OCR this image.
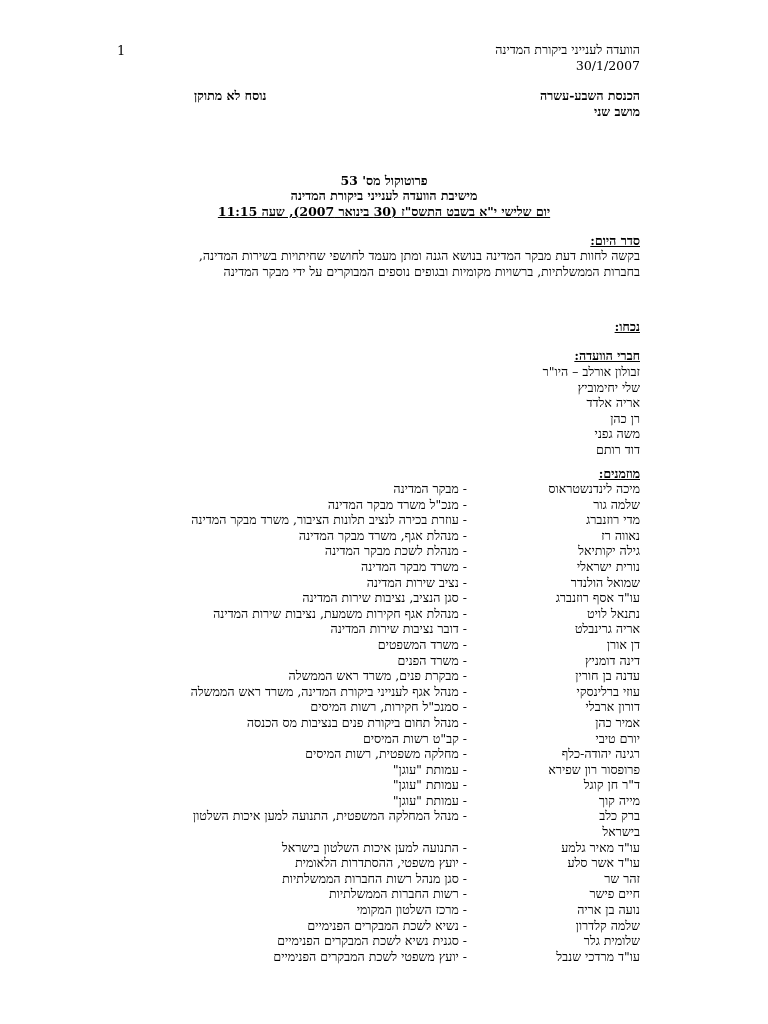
1	הוועדה לענייני ביקורת המדינה
30/1/2007
הכנסת השבע-עשרה
מושב שני
נוסח לא מתוקן
פרוטוקול מס' 53
מישיבת הוועדה לענייני ביקורת המדינה
יום שלישי י"א בשבט התשס"ז (30 בינואר 2007), שעה 11:15
סדר היום:
בקשה לחוות דעת מבקר המדינה בנושא הגנה ומתן מעמד לחושפי שחיתויות בשירות המדינה,
בחברות הממשלתיות, ברשויות מקומיות ובגופים נוספים המבוקרים על ידי מבקר המדינה
נכחו:
חברי הוועדה:
זבולון אורלב – היו"ר
שלי יחימוביץ
אריה אלדד
רן כהן
משה גפני
דוד רותם
מוזמנים:
מיכה לינדנשטראוס
- מבקר המדינה
שלמה גור
- מנכ"ל משרד מבקר המדינה
מדי רוזנברג
- עוזרת בכירה לנציב תלונות הציבור, משרד מבקר המדינה
נאווה רז
- מנהלת אגף, משרד מבקר המדינה
גילה יקותיאל
- מנהלת לשכת מבקר המדינה
נורית ישראלי
- משרד מבקר המדינה
שמואל הולנדר
- נציב שירות המדינה
עו"ד אסף רוזנברג
- סגן הנציב, נציבות שירות המדינה
נתנאל לויט
- מנהלת אגף חקירות משמעת, נציבות שירות המדינה
אריה גרינבלט
- דובר נציבות שירות המדינה
דן אורן
- משרד המשפטים
דינה דומניץ
- משרד הפנים
עדנה בן חורין
- מבקרת פנים, משרד ראש הממשלה
עוזי ברלינסקי
- מנהל אגף לענייני ביקורת המדינה, משרד ראש הממשלה
דורון ארבלי
- סמנכ"ל חקירות, רשות המיסים
אמיר כהן
- מנהל תחום ביקורת פנים בנציבות מס הכנסה
יורם טיבי
- קב"ט רשות המיסים
רגינה יהודה-כלף
- מחלקה משפטית, רשות המיסים
פרופסור רון שפירא
- עמותת "עוגן"
ד"ר חן קוגל
- עמותת "עוגן"
מייה קוך
- עמותת "עוגן"
ברק כלב
- מנהל המחלקה המשפטית, התנועה למען איכות השלטון
בישראל
עו"ד מאיר גלמע
- התנועה למען איכות השלטון בישראל
עו"ד אשר סלע
- יועץ משפטי, ההסתדרות הלאומית
זהר שר
- סגן מנהל רשות החברות הממשלתיות
חיים פישר
- רשות החברות הממשלתיות
נועה בן אריה
- מרכז השלטון המקומי
שלמה קלדרון
- נשיא לשכת המבקרים הפנימיים
שלומית גלר
- סגנית נשיא לשכת המבקרים הפנימיים
עו"ד מרדכי שנבל
- יועץ משפטי לשכת המבקרים הפנימיים
